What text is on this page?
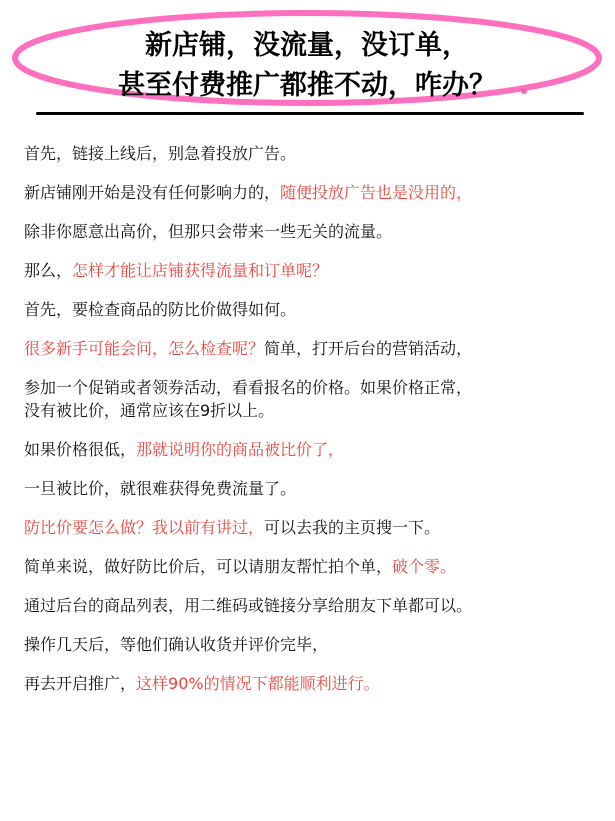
新店铺，没流量，没订单，
甚至付费推广都推不动，咋办？
首先，链接上线后，别急着投放广告。
新店铺刚开始是没有任何影响力的，随便投放广告也是没用的，
除非你愿意出高价，但那只会带来一些无关的流量。
那么，怎样才能让店铺获得流量和订单呢？
首先，要检查商品的防比价做得如何。
很多新手可能会问，怎么检查呢？简单，打开后台的营销活动，
参加一个促销或者领券活动，看看报名的价格。如果价格正常，
没有被比价，通常应该在9折以上。
如果价格很低，那就说明你的商品被比价了，
一旦被比价，就很难获得免费流量了。
防比价要怎么做？我以前有讲过，可以去我的主页搜一下。
简单来说，做好防比价后，可以请朋友帮忙拍个单，破个零。
通过后台的商品列表，用二维码或链接分享给朋友下单都可以。
操作几天后，等他们确认收货并评价完毕，
再去开启推广，这样90%的情况下都能顺利进行。
